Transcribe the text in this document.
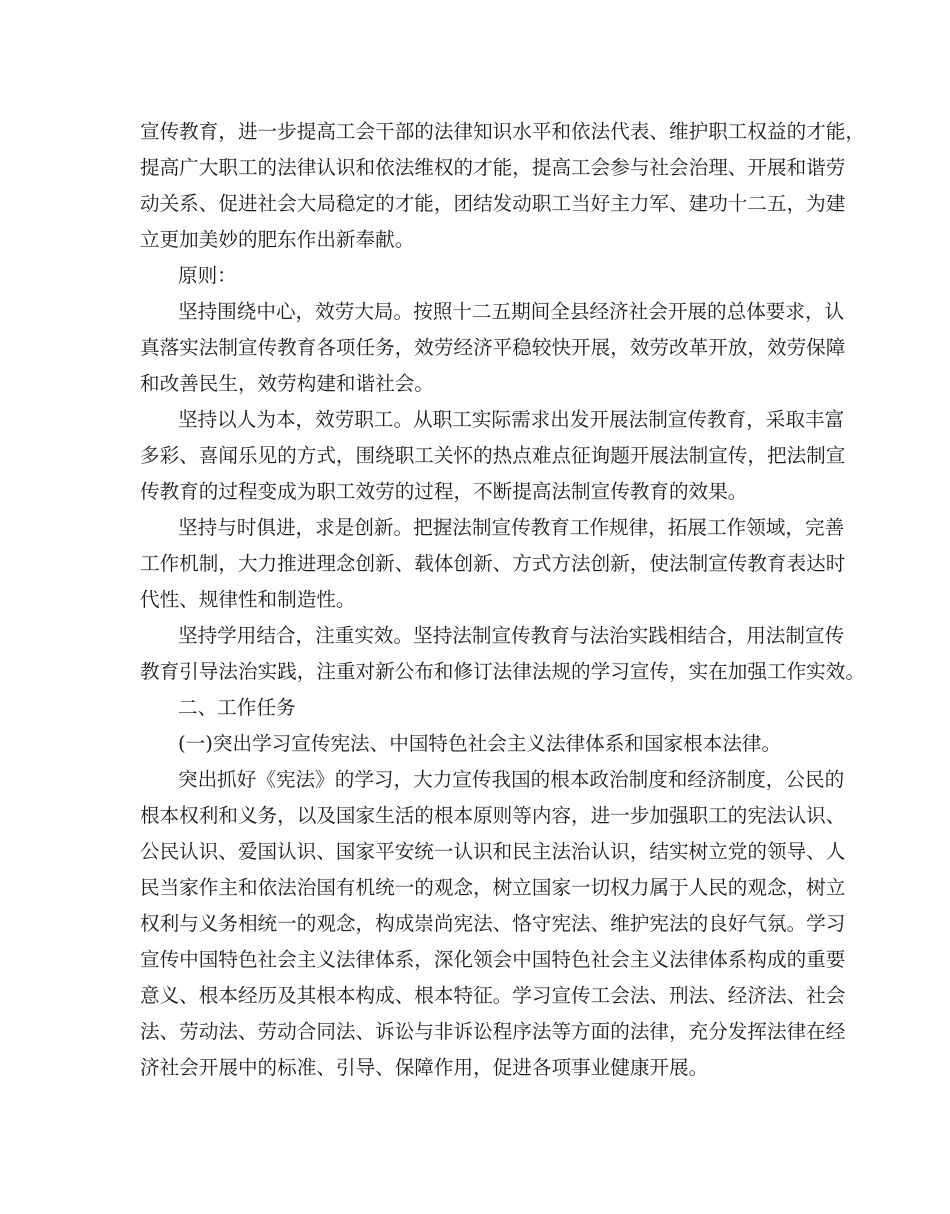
宣传教育，进一步提高工会干部的法律知识水平和依法代表、维护职工权益的才能，
提高广大职工的法律认识和依法维权的才能，提高工会参与社会治理、开展和谐劳
动关系、促进社会大局稳定的才能，团结发动职工当好主力军、建功十二五，为建
立更加美妙的肥东作出新奉献。
原则：
坚持围绕中心，效劳大局。按照十二五期间全县经济社会开展的总体要求，认
真落实法制宣传教育各项任务，效劳经济平稳较快开展，效劳改革开放，效劳保障
和改善民生，效劳构建和谐社会。
坚持以人为本，效劳职工。从职工实际需求出发开展法制宣传教育，采取丰富
多彩、喜闻乐见的方式，围绕职工关怀的热点难点征询题开展法制宣传，把法制宣
传教育的过程变成为职工效劳的过程，不断提高法制宣传教育的效果。
坚持与时俱进，求是创新。把握法制宣传教育工作规律，拓展工作领域，完善
工作机制，大力推进理念创新、载体创新、方式方法创新，使法制宣传教育表达时
代性、规律性和制造性。
坚持学用结合，注重实效。坚持法制宣传教育与法治实践相结合，用法制宣传
教育引导法治实践，注重对新公布和修订法律法规的学习宣传，实在加强工作实效。
二、工作任务
(一)突出学习宣传宪法、中国特色社会主义法律体系和国家根本法律。
突出抓好《宪法》的学习，大力宣传我国的根本政治制度和经济制度，公民的
根本权利和义务，以及国家生活的根本原则等内容，进一步加强职工的宪法认识、
公民认识、爱国认识、国家平安统一认识和民主法治认识，结实树立党的领导、人
民当家作主和依法治国有机统一的观念，树立国家一切权力属于人民的观念，树立
权利与义务相统一的观念，构成崇尚宪法、恪守宪法、维护宪法的良好气氛。学习
宣传中国特色社会主义法律体系，深化领会中国特色社会主义法律体系构成的重要
意义、根本经历及其根本构成、根本特征。学习宣传工会法、刑法、经济法、社会
法、劳动法、劳动合同法、诉讼与非诉讼程序法等方面的法律，充分发挥法律在经
济社会开展中的标准、引导、保障作用，促进各项事业健康开展。
